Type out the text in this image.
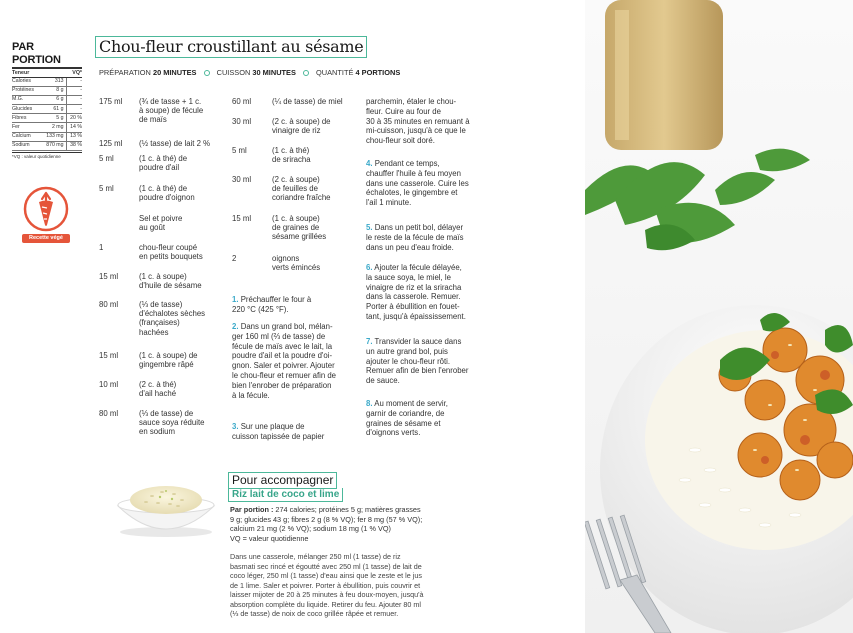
PAR PORTION
Teneur		VQ*
Calories	313	-
Protéines	8 g	-
M.G.	6 g	-
Glucides	61 g	-
Fibres	5 g	20 %
Fer	2 mg	14 %
Calcium	133 mg	13 %
Sodium	870 mg	38 %
*VQ : valeur quotidienne
Recette végé
Chou-fleur croustillant au sésame
PRÉPARATION 20 MINUTES	CUISSON 30 MINUTES	QUANTITÉ 4 PORTIONS
175 ml (¾ de tasse + 1 c.
à soupe) de fécule
de maïs
125 ml (½ tasse) de lait 2 %
5 ml	(1 c. à thé) de
poudre d'ail
5 ml	(1 c. à thé) de
poudre d'oignon
Sel et poivre
au goût
1	chou-fleur coupé
en petits bouquets
15 ml	(1 c. à soupe)
d'huile de sésame
80 ml	(⅓ de tasse)
d'échalotes sèches
(françaises)
hachées
15 ml	(1 c. à soupe) de
gingembre râpé
10 ml	(2 c. à thé)
d'ail haché
80 ml	(⅓ de tasse) de
sauce soya réduite
en sodium
60 ml	(¼ de tasse) de miel
30 ml	(2 c. à soupe) de
vinaigre de riz
5 ml	(1 c. à thé)
de sriracha
30 ml	(2 c. à soupe)
de feuilles de
coriandre fraîche
15 ml	(1 c. à soupe)
de graines de
sésame grillées
2	oignons
verts émincés
1. Préchauffer le four à
220 °C (425 °F).
2. Dans un grand bol, mélan-
ger 160 ml (⅔ de tasse) de
fécule de maïs avec le lait, la
poudre d'ail et la poudre d'oi-
gnon. Saler et poivrer. Ajouter
le chou-fleur et remuer afin de
bien l'enrober de préparation
à la fécule.
3. Sur une plaque de
cuisson tapissée de papier
parchemin, étaler le chou-
fleur. Cuire au four de
30 à 35 minutes en remuant à
mi-cuisson, jusqu'à ce que le
chou-fleur soit doré.
4. Pendant ce temps,
chauffer l'huile à feu moyen
dans une casserole. Cuire les
échalotes, le gingembre et
l'ail 1 minute.
5. Dans un petit bol, délayer
le reste de la fécule de maïs
dans un peu d'eau froide.
6. Ajouter la fécule délayée,
la sauce soya, le miel, le
vinaigre de riz et la sriracha
dans la casserole. Remuer.
Porter à ébullition en fouet-
tant, jusqu'à épaississement.
7. Transvider la sauce dans
un autre grand bol, puis
ajouter le chou-fleur rôti.
Remuer afin de bien l'enrober
de sauce.
8. Au moment de servir,
garnir de coriandre, de
graines de sésame et
d'oignons verts.
Pour accompagner
Riz lait de coco et lime
Par portion : 274 calories; protéines 5 g; matières grasses
9 g; glucides 43 g; fibres 2 g (8 % VQ); fer 8 mg (57 % VQ);
calcium 21 mg (2 % VQ); sodium 18 mg (1 % VQ)
VQ = valeur quotidienne
Dans une casserole, mélanger 250 ml (1 tasse) de riz
basmati sec rincé et égoutté avec 250 ml (1 tasse) de lait de
coco léger, 250 ml (1 tasse) d'eau ainsi que le zeste et le jus
de 1 lime. Saler et poivrer. Porter à ébullition, puis couvrir et
laisser mijoter de 20 à 25 minutes à feu doux-moyen, jusqu'à
absorption complète du liquide. Retirer du feu. Ajouter 80 ml
(⅓ de tasse) de noix de coco grillée râpée et remuer.
